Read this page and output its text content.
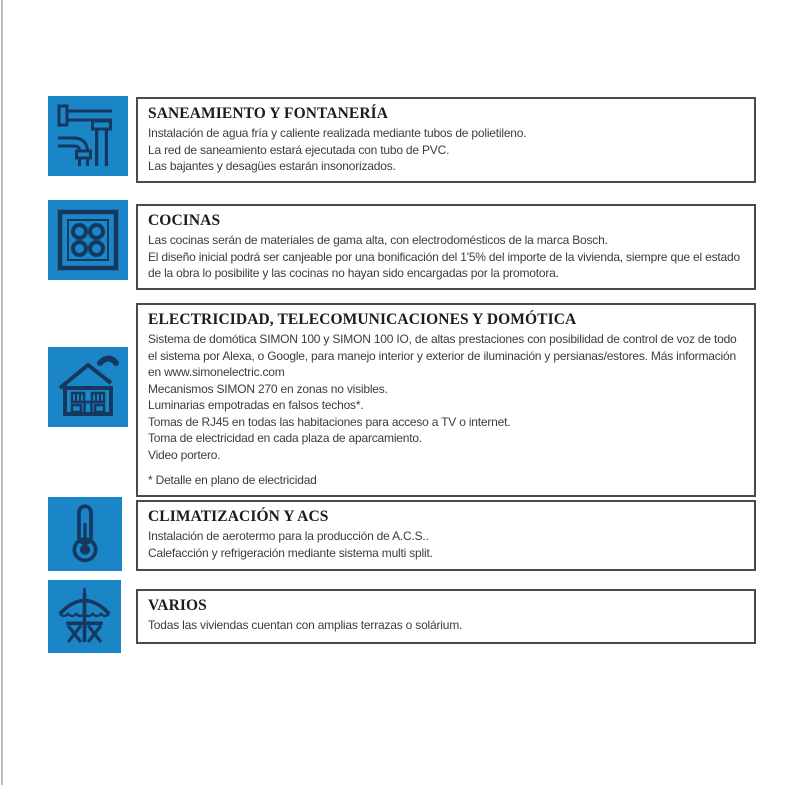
SANEAMIENTO Y FONTANERÍA

Instalación de agua fría y caliente realizada mediante tubos de polietileno.

La red de saneamiento estará ejecutada con tubo de PVC.

Las bajantes y desagües estarán insonorizados.

COCINAS

Las cocinas serán de materiales de gama alta, con electrodomésticos de la marca Bosch.

El diseño inicial podrá ser canjeable por una bonificación del 1'5% del importe de la vivienda, siempre que el estado de la obra lo posibilite y las cocinas no hayan sido encargadas por la promotora.

ELECTRICIDAD, TELECOMUNICACIONES Y DOMÓTICA

Sistema de domótica SIMON 100 y SIMON 100 IO, de altas prestaciones con posibilidad de control de voz de todo el sistema por Alexa, o Google, para manejo interior y exterior de iluminación y persianas/estores. Más información en www.simonelectric.com

Mecanismos SIMON 270 en zonas no visibles.

Luminarias empotradas en falsos techos*.

Tomas de RJ45 en todas las habitaciones para acceso a TV o internet.

Toma de electricidad en cada plaza de aparcamiento.

Video portero.

* Detalle en plano de electricidad

CLIMATIZACIÓN Y ACS

Instalación de aerotermo para la producción de A.C.S..

Calefacción y refrigeración mediante sistema multi split.

VARIOS

Todas las viviendas cuentan con amplias terrazas o solárium.
